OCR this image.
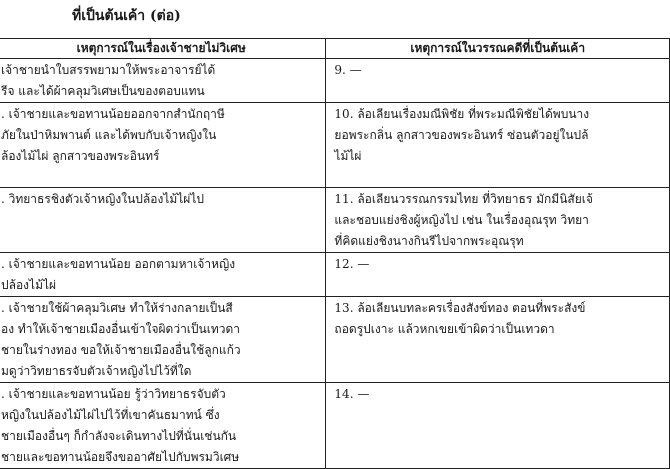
ที่เป็นต้นเค้า (ต่อ)
เหตุการณ์ในเรื่องเจ้าชายไม่วิเศษ	เหตุการณ์ในวรรณคดีที่เป็นต้นเค้า

เจ้าชายนำใบสรรพยามาให้พระอาจารย์ได้
รีจ และได้ผ้าคลุมวิเศษเป็นของตอบแทน	9. —

. เจ้าชายและขอทานน้อยออกจากสำนักฤาษี
ภัยในป่าหิมพานต์ และได้พบกับเจ้าหญิงใน
ล้องไม้ไผ่ ลูกสาวของพระอินทร์	10. ล้อเลียนเรื่องมณีพิชัย ที่พระมณีพิชัยได้พบนาง
ยอพระกลิ่น ลูกสาวของพระอินทร์ ซ่อนตัวอยู่ในปล้
ไม้ไผ่

. วิทยาธรชิงตัวเจ้าหญิงในปล้องไม้ไผ่ไป	11. ล้อเลียนวรรณกรรมไทย ที่วิทยาธร มักมีนิสัยเจ้
และชอบแย่งชิงผู้หญิงไป เช่น ในเรื่องอุณรุท วิทยา
ที่คิดแย่งชิงนางกินรีไปจากพระอุณรุท

. เจ้าชายและขอทานน้อย ออกตามหาเจ้าหญิง
ปล้องไม้ไผ่	12. —

. เจ้าชายใช้ผ้าคลุมวิเศษ ทำให้ร่างกลายเป็นสี
อง ทำให้เจ้าชายเมืองอื่นเข้าใจผิดว่าเป็นเทวดา
ชายในร่างทอง ขอให้เจ้าชายเมืองอื่นใช้ลูกแก้ว
มดูว่าวิทยาธรจับตัวเจ้าหญิงไปไว้ที่ใด	13. ล้อเลียนบทละครเรื่องสังข์ทอง ตอนที่พระสังข์
ถอดรูปเงาะ แล้วหกเขยเข้าผิดว่าเป็นเทวดา

. เจ้าชายและขอทานน้อย รู้ว่าวิทยาธรจับตัว
หญิงในปล้องไม้ไผ่ไปไว้ที่เขาคันธมาทน์ ซึ่ง
ชายเมืองอื่นๆ ก็กำลังจะเดินทางไปที่นั่นเช่นกัน
ชายและขอทานน้อยจึงขออาศัยไปกับพรมวิเศษ	14. —
